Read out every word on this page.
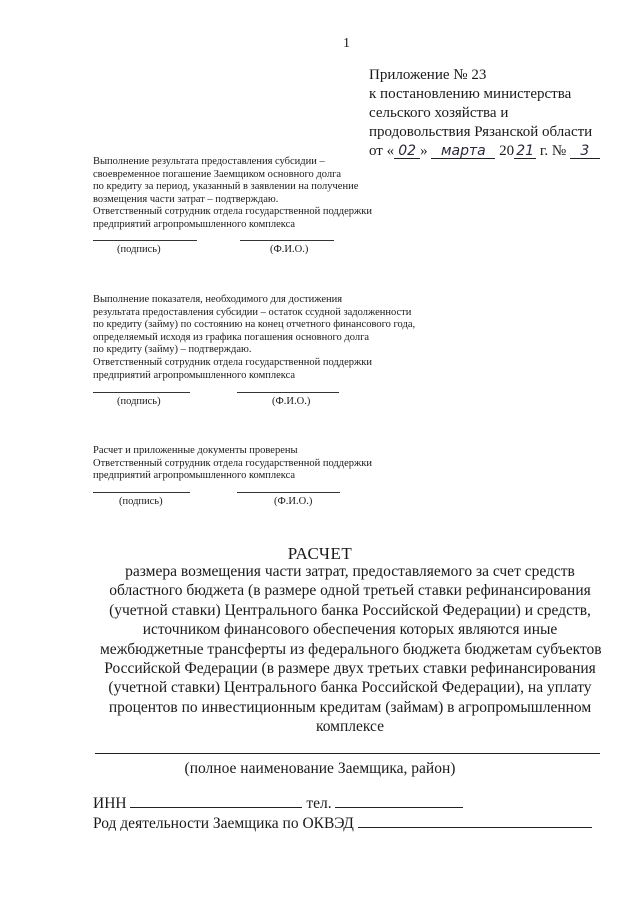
1
Приложение № 23
к постановлению министерства
сельского хозяйства и
продовольствия Рязанской области
от « 02 » марта 20 21 г. № 3
Выполнение результата предоставления субсидии –
своевременное погашение Заемщиком основного долга
по кредиту за период, указанный в заявлении на получение
возмещения части затрат – подтверждаю.
Ответственный сотрудник отдела государственной поддержки
предприятий агропромышленного комплекса
(подпись)	(Ф.И.О.)
Выполнение показателя, необходимого для достижения
результата предоставления субсидии – остаток ссудной задолженности
по кредиту (займу) по состоянию на конец отчетного финансового года,
определяемый исходя из графика погашения основного долга
по кредиту (займу) – подтверждаю.
Ответственный сотрудник отдела государственной поддержки
предприятий агропромышленного комплекса
(подпись)	(Ф.И.О.)
Расчет и приложенные документы проверены
Ответственный сотрудник отдела государственной поддержки
предприятий агропромышленного комплекса
(подпись)	(Ф.И.О.)
РАСЧЕТ
размера возмещения части затрат, предоставляемого за счет средств
областного бюджета (в размере одной третьей ставки рефинансирования
(учетной ставки) Центрального банка Российской Федерации) и средств,
источником финансового обеспечения которых являются иные
межбюджетные трансферты из федерального бюджета бюджетам субъектов
Российской Федерации (в размере двух третьих ставки рефинансирования
(учетной ставки) Центрального банка Российской Федерации), на уплату
процентов по инвестиционным кредитам (займам) в агропромышленном
комплексе
(полное наименование Заемщика, район)
ИНН	тел.
Род деятельности Заемщика по ОКВЭД
